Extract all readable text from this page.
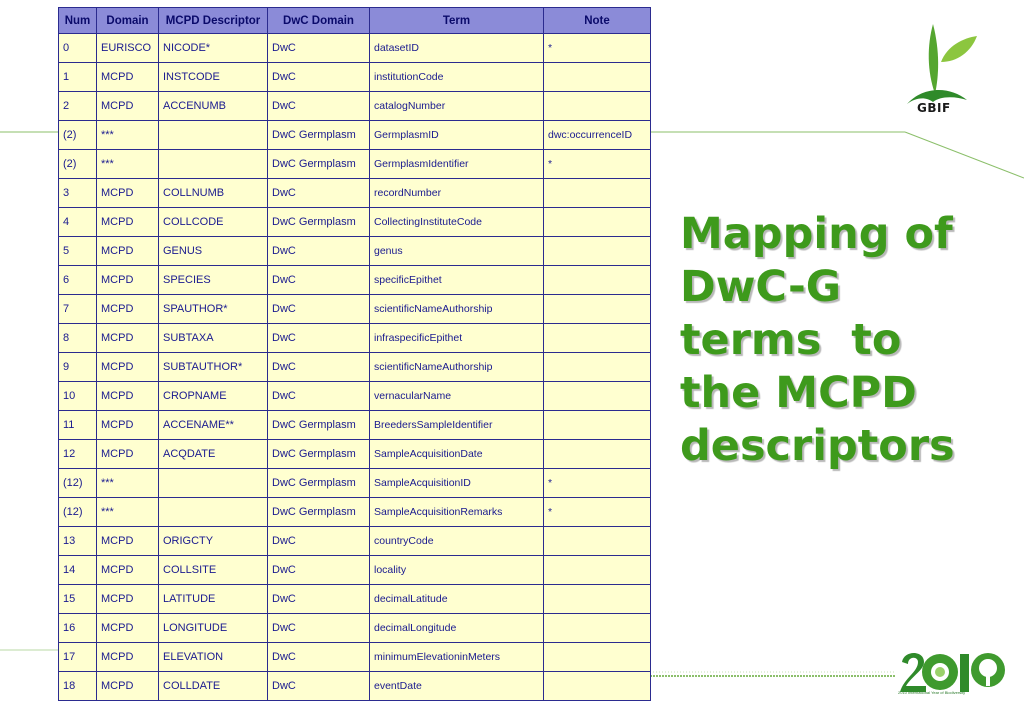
GBIF
Num	Domain	MCPD Descriptor	DwC Domain	Term	Note
0	EURISCO	NICODE*	DwC	datasetID	*
1	MCPD	INSTCODE	DwC	institutionCode	
2	MCPD	ACCENUMB	DwC	catalogNumber	
(2)	***		DwC Germplasm	GermplasmID	dwc:occurrenceID
(2)	***		DwC Germplasm	GermplasmIdentifier	*
3	MCPD	COLLNUMB	DwC	recordNumber	
4	MCPD	COLLCODE	DwC Germplasm	CollectingInstituteCode	
5	MCPD	GENUS	DwC	genus	
6	MCPD	SPECIES	DwC	specificEpithet	
7	MCPD	SPAUTHOR*	DwC	scientificNameAuthorship	
8	MCPD	SUBTAXA	DwC	infraspecificEpithet	
9	MCPD	SUBTAUTHOR*	DwC	scientificNameAuthorship	
10	MCPD	CROPNAME	DwC	vernacularName	
11	MCPD	ACCENAME**	DwC Germplasm	BreedersSampleIdentifier	
12	MCPD	ACQDATE	DwC Germplasm	SampleAcquisitionDate	
(12)	***		DwC Germplasm	SampleAcquisitionID	*
(12)	***		DwC Germplasm	SampleAcquisitionRemarks	*
13	MCPD	ORIGCTY	DwC	countryCode	
14	MCPD	COLLSITE	DwC	locality	
15	MCPD	LATITUDE	DwC	decimalLatitude	
16	MCPD	LONGITUDE	DwC	decimalLongitude	
17	MCPD	ELEVATION	DwC	minimumElevationinMeters	
18	MCPD	COLLDATE	DwC	eventDate	
Mapping of
DwC-G
terms  to
the MCPD
descriptors
2010 International Year of Biodiversity
